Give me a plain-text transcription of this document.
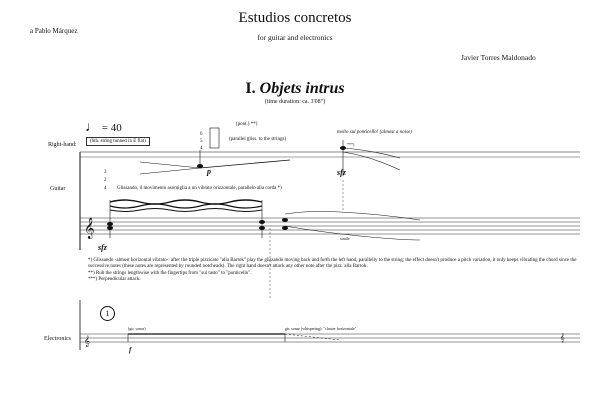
Estudios concretos
for guitar and electronics
a Pablo Márquez
Javier Torres Maldonado
I. Objets intrus
(time duration: ca. 3'08")
♩ = 40
Right-hand:
Guitar
Electronics
(6th. string tunned in E flat)
(pont.) **)
(parallel gliss. to the strings)
molto sul ponticello! (almost a noise)
***)
Glissando, il movimento asomiglia a un vibrato orizzontale, parallelo alla corda *)
p	sfz
sfz
f
simile
6
5
4
3
2
4
1
(gtr. sonar)	gtr. sonar (whispering): "cluster horizontale"
*) Glissando -almost horizontal vibrato-: after the triple pizzicato "alla Bartok" play the glissando moving back and forth the left hand, parallelly to the string; the effect doesn't produce a pitch variation, it only keeps vibrating the chord since the successive notes (these notes are represented by rounded notcheads). The right hand doesn't attack any other note after the pizz. alla Bartok.
**) Rub the strings lengthwise with the fingertips from "sul tasto" to "ponticello".
***) Perpendicular attack.
𝄞
𝄞	𝄞
